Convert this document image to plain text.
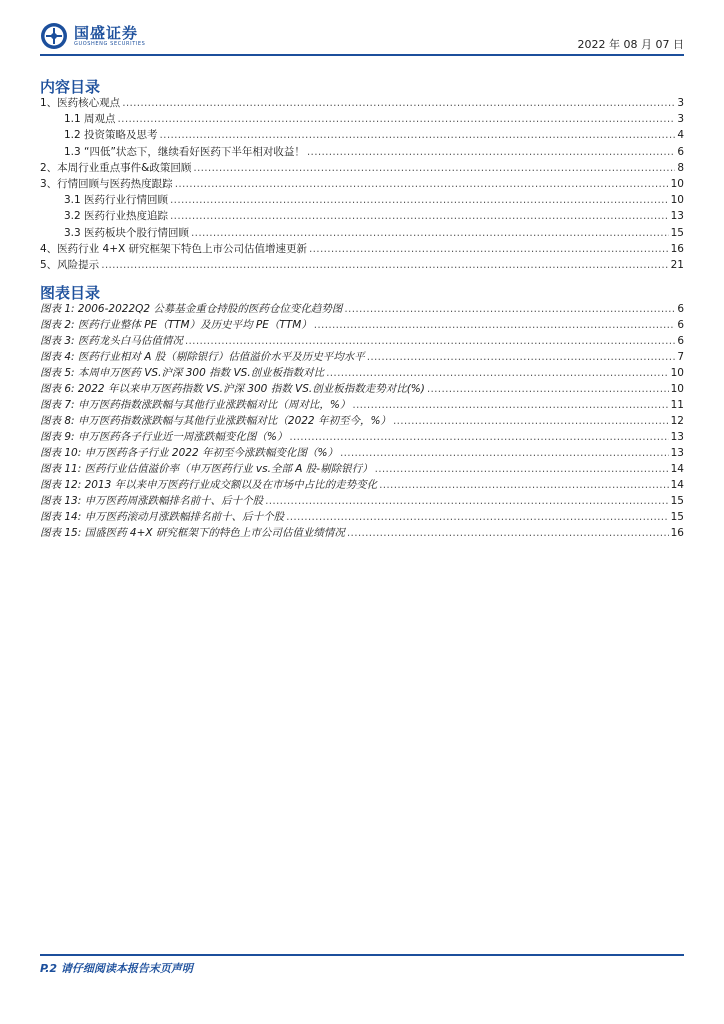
国盛证券
GUOSHENG SECURITIES	2022 年 08 月 07 日
内容目录
1、医药核心观点 .....	3
1.1 周观点 .....	3
1.2 投资策略及思考 .....	4
1.3 “四低”状态下，继续看好医药下半年相对收益！ .....	6
2、本周行业重点事件&政策回顾 .....	8
3、行情回顾与医药热度跟踪 .....	10
3.1 医药行业行情回顾 .....	10
3.2 医药行业热度追踪 .....	13
3.3 医药板块个股行情回顾 .....	15
4、医药行业 4+X 研究框架下特色上市公司估值增速更新 .....	16
5、风险提示 .....	21
图表目录
图表 1: 2006-2022Q2 公募基金重仓持股的医药仓位变化趋势图 .....	6
图表 2: 医药行业整体 PE（TTM）及历史平均 PE（TTM） .....	6
图表 3: 医药龙头白马估值情况 .....	6
图表 4: 医药行业相对 A 股（剔除银行）估值溢价水平及历史平均水平 .....	7
图表 5: 本周申万医药 VS.沪深 300 指数 VS.创业板指数对比 .....	10
图表 6: 2022 年以来申万医药指数 VS.沪深 300 指数 VS.创业板指数走势对比(%) .....	10
图表 7: 申万医药指数涨跌幅与其他行业涨跌幅对比（周对比，%） .....	11
图表 8: 申万医药指数涨跌幅与其他行业涨跌幅对比（2022 年初至今，%） .....	12
图表 9: 申万医药各子行业近一周涨跌幅变化图（%） .....	13
图表 10: 申万医药各子行业 2022 年初至今涨跌幅变化图（%） .....	13
图表 11: 医药行业估值溢价率（申万医药行业 vs.全部 A 股-剔除银行） .....	14
图表 12: 2013 年以来申万医药行业成交额以及在市场中占比的走势变化 .....	14
图表 13: 申万医药周涨跌幅排名前十、后十个股 .....	15
图表 14: 申万医药滚动月涨跌幅排名前十、后十个股 .....	15
图表 15: 国盛医药 4+X 研究框架下的特色上市公司估值业绩情况 .....	16
P.2 请仔细阅读本报告末页声明
